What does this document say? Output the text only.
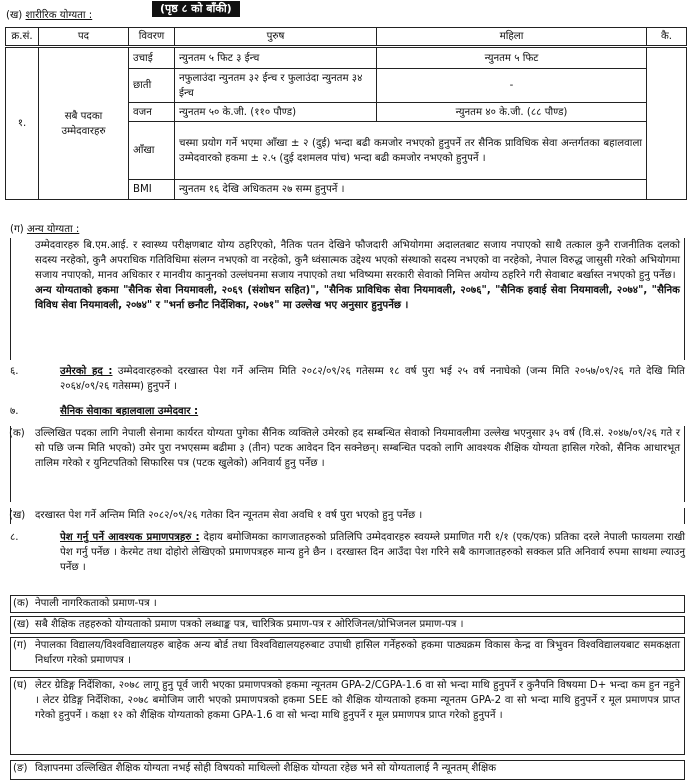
(ख) शारीरिक योग्यता :
(पृष्ठ ८ को बाँकी)
क्र.सं.	पद	विवरण	पुरुष	महिला	कै.
१.	सबै पदका उम्मेदवारहरु	उचाई	न्युनतम ५ फिट ३ ईन्च	न्युनतम ५ फिट	
		छाती	नफुलाउंदा न्युनतम ३२ ईन्च र फुलाउंदा न्युनतम ३४ ईन्च	-	
		वजन	न्युनतम ५० के.जी. (११० पौण्ड)	न्युनतम ४० के.जी. (८८ पौण्ड)	
		आँखा	चस्मा प्रयोग गर्ने भएमा आँखा ± २ (दुई) भन्दा बढी कमजोर नभएको हुनुपर्ने तर सैनिक प्राविधिक सेवा अन्तर्गतका बहालवाला उम्मेदवारको हकमा ± २.५ (दुई दशमलव पांच) भन्दा बढी कमजोर नभएको हुनुपर्ने ।		
		BMI	न्युनतम १६ देखि अधिकतम २७ सम्म हुनुपर्ने ।		
(ग) अन्य योग्यता :
उम्मेदवारहरु बि.एम.आई. र स्वास्थ्य परीक्षणबाट योग्य ठहरिएको, नैतिक पतन देखिने फौजदारी अभियोगमा अदालतबाट सजाय नपाएको साथै तत्काल कुनै राजनीतिक दलको सदस्य नरहेको, कुनै अपराधिक गतिविधिमा संलग्न नभएको वा नरहेको, कुनै ध्वंसात्मक उद्देश्य भएको संस्थाको सदस्य नभएको वा नरहेको, नेपाल विरुद्ध जासुसी गरेको अभियोगमा सजाय नपाएको, मानव अधिकार र मानवीय कानुनको उल्लंघनमा सजाय नपाएको तथा भविष्यमा सरकारी सेवाको निमित्त अयोग्य ठहरिने गरी सेवाबाट बर्खास्त नभएको हुनु पर्नेछ।
अन्य योग्यताको हकमा "सैनिक सेवा नियमावली, २०६९ (संशोधन सहित)", "सैनिक प्राविधिक सेवा नियमावली, २०७६", "सैनिक हवाई सेवा नियमावली, २०७४", "सैनिक विविध सेवा नियमावली, २०७४" र "भर्ना छनौट निर्देशिका, २०७१" मा उल्लेख भए अनुसार हुनुपर्नेछ ।
६.	उमेरको हद : उम्मेदवारहरुको दरखास्त पेश गर्ने अन्तिम मिति २०८२/०९/२६ गतेसम्म १८ वर्ष पुरा भई २५ वर्ष ननाघेको (जन्म मिति २०५७/०९/२६ गते देखि मिति २०६४/०९/२६ गतेसम्म) हुनुपर्ने ।
७.	सैनिक सेवाका बहालवाला उम्मेदवार :
(क) उल्लिखित पदका लागि नेपाली सेनामा कार्यरत योग्यता पुगेका सैनिक व्यक्तिले उमेरको हद सम्बन्धित सेवाको नियमावलीमा उल्लेख भएनुसार ३५ वर्ष (वि.सं. २०४७/०९/२६ गते र सो पछि जन्म मिति भएको) उमेर पुरा नभएसम्म बढीमा ३ (तीन) पटक आवेदन दिन सक्नेछन्। सम्बन्धित पदको लागि आवश्यक शैक्षिक योग्यता हासिल गरेको, सैनिक आधारभूत तालिम गरेको र युनिटपतिको सिफारिस पत्र (पटक खुलेको) अनिवार्य हुनु पर्नेछ ।
(ख) दरखास्त पेश गर्ने अन्तिम मिति २०८२/०९/२६ गतेका दिन न्यूनतम सेवा अवधि १ वर्ष पुरा भएको हुनु पर्नेछ ।
८.	पेश गर्नु पर्ने आवश्यक प्रमाणपत्रहरु : देहाय बमोजिमका कागजातहरुको प्रतिलिपि उम्मेदवारहरु स्वयम्ले प्रमाणित गरी १/१ (एक/एक) प्रतिका दरले नेपाली फायलमा राखी पेश गर्नु पर्नेछ । केरमेट तथा दोहोरो लेखिएको प्रमाणपत्रहरु मान्य हुने छैन । दरखास्त दिन आउँदा पेश गरिने सबै कागजातहरुको सक्कल प्रति अनिवार्य रुपमा साथमा ल्याउनु पर्नेछ ।
(क) नेपाली नागरिकताको प्रमाण-पत्र ।
(ख) सबै शैक्षिक तहहरुको योग्यताको प्रमाण पत्रको लब्धाङ्क पत्र, चारित्रिक प्रमाण-पत्र र ओरिजिनल/प्रोभिजनल प्रमाण-पत्र ।
(ग) नेपालका विद्यालय/विश्वविद्यालयहरु बाहेक अन्य बोर्ड तथा विश्वविद्यालयहरुबाट उपाधी हासिल गर्नेहरुको हकमा पाठ्यक्रम विकास केन्द्र वा त्रिभुवन विश्वविद्यालयबाट समकक्षता निर्धारण गरेको प्रमाणपत्र ।
(घ) लेटर ग्रेडिङ्ग निर्देशिका, २०७८ लागू हुनु पूर्व जारी भएका प्रमाणपत्रको हकमा न्यूनतम GPA-2/CGPA-1.6 वा सो भन्दा माथि हुनुपर्ने र कुनैपनि विषयमा D+ भन्दा कम हुन नहुने । लेटर ग्रेडिङ्ग निर्देशिका, २०७८ बमोजिम जारी भएको प्रमाणपत्रको हकमा SEE को शैक्षिक योग्यताको हकमा न्यूनतम GPA-2 वा सो भन्दा माथि हुनुपर्ने र मूल प्रमाणपत्र प्राप्त गरेको हुनुपर्ने । कक्षा १२ को शैक्षिक योग्यताको हकमा GPA-1.6 वा सो भन्दा माथि हुनुपर्ने र मूल प्रमाणपत्र प्राप्त गरेको हुनुपर्ने ।
(ङ) विज्ञापनमा उल्लिखित शैक्षिक योग्यता नभई सोही विषयको माथिल्लो शैक्षिक योग्यता रहेछ भने सो योग्यतालाई नै न्यूनतम् शैक्षिक
